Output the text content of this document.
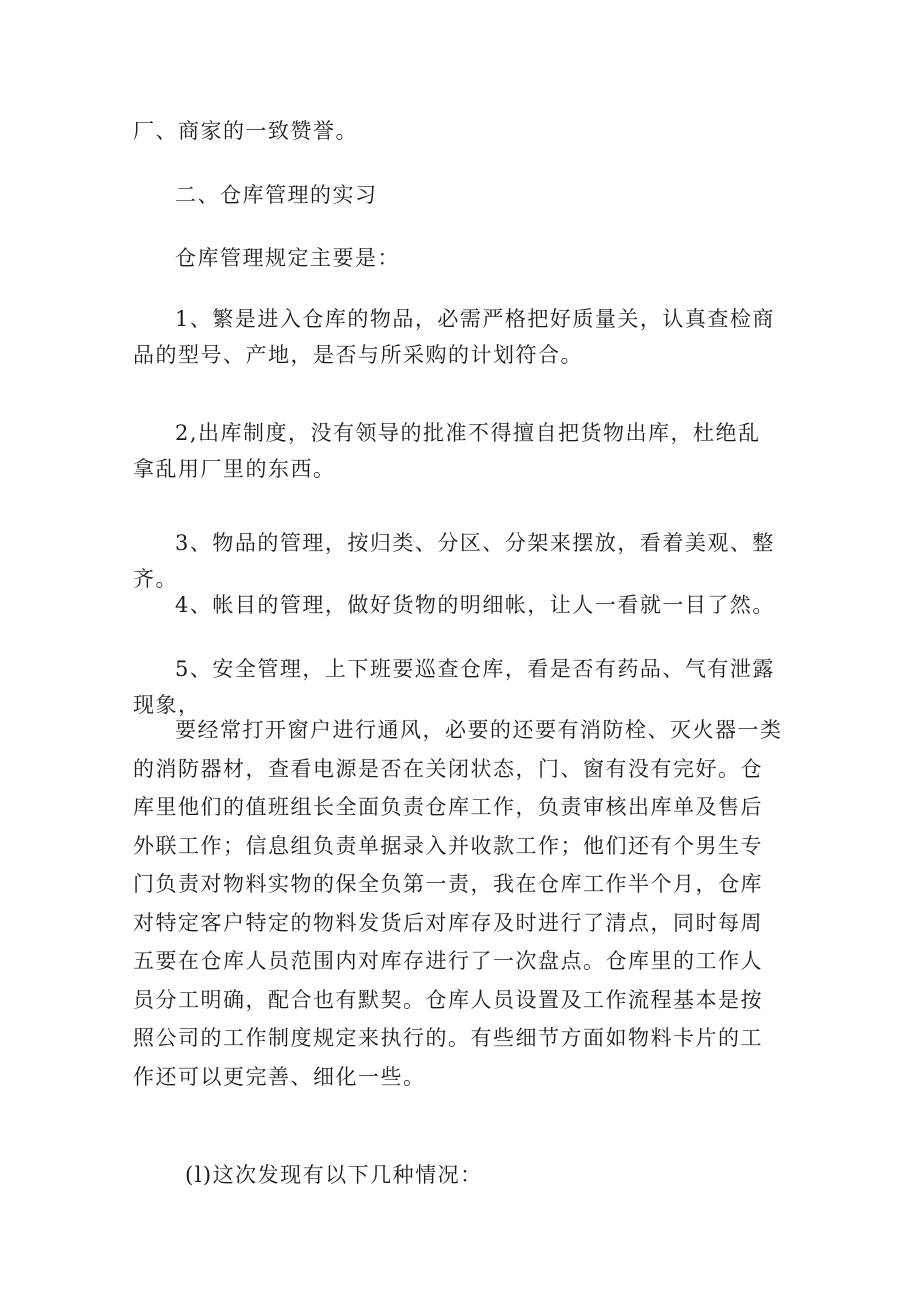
厂、商家的一致赞誉。

二、仓库管理的实习

仓库管理规定主要是：

1、繁是进入仓库的物品，必需严格把好质量关，认真查检商品的型号、产地，是否与所采购的计划符合。

2,出库制度，没有领导的批准不得擅自把货物出库，杜绝乱拿乱用厂里的东西。

3、物品的管理，按归类、分区、分架来摆放，看着美观、整齐。

4、帐目的管理，做好货物的明细帐，让人一看就一目了然。

5、安全管理，上下班要巡查仓库，看是否有药品、气有泄露现象，

要经常打开窗户进行通风，必要的还要有消防栓、灭火器一类的消防器材，查看电源是否在关闭状态，门、窗有没有完好。仓库里他们的值班组长全面负责仓库工作，负责审核出库单及售后外联工作；信息组负责单据录入并收款工作；他们还有个男生专门负责对物料实物的保全负第一责，我在仓库工作半个月，仓库对特定客户特定的物料发货后对库存及时进行了清点，同时每周五要在仓库人员范围内对库存进行了一次盘点。仓库里的工作人员分工明确，配合也有默契。仓库人员设置及工作流程基本是按照公司的工作制度规定来执行的。有些细节方面如物料卡片的工作还可以更完善、细化一些。

(l)这次发现有以下几种情况：
